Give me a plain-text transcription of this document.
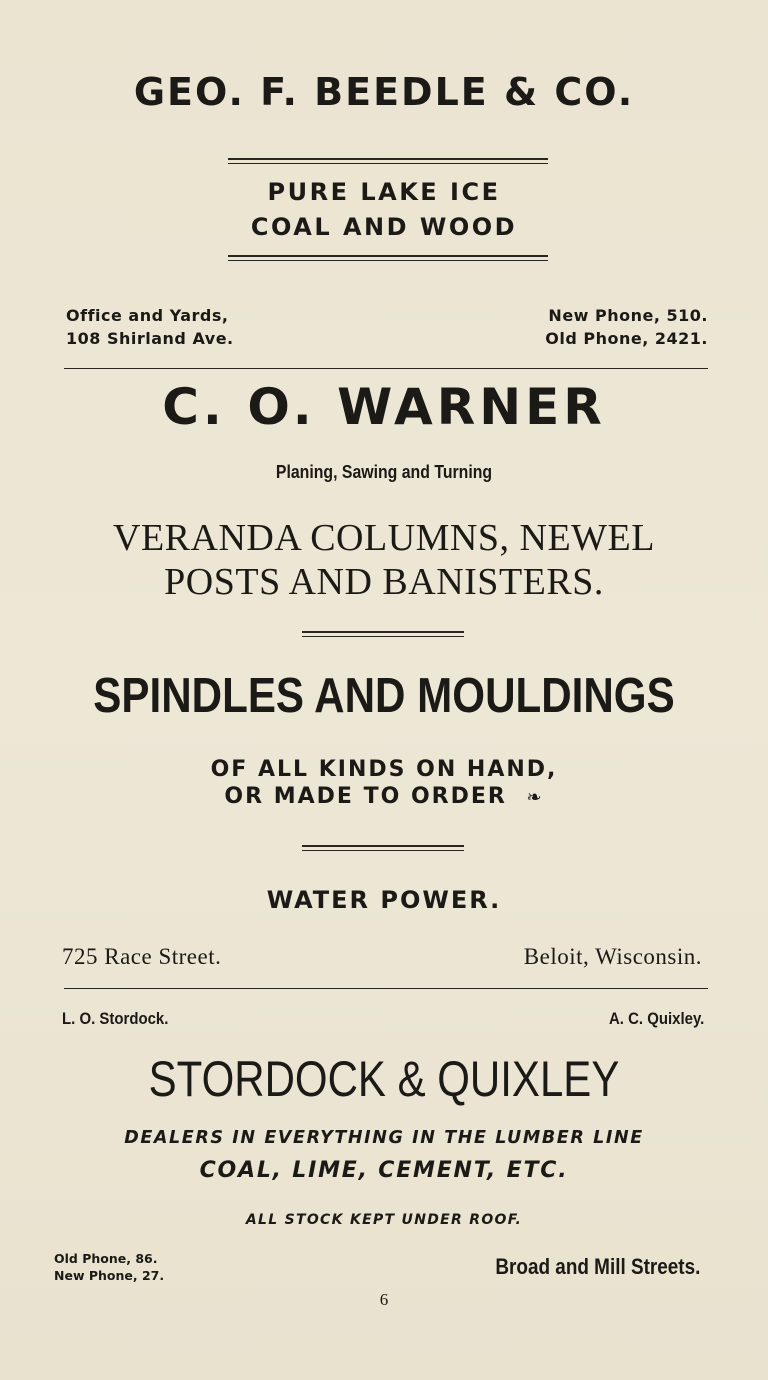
GEO. F. BEEDLE & CO.
PURE LAKE ICE
COAL AND WOOD
Office and Yards,
108 Shirland Ave.
New Phone, 510.
Old Phone, 2421.
C. O. WARNER
Planing, Sawing and Turning
VERANDA COLUMNS, NEWEL
POSTS AND BANISTERS.
SPINDLES AND MOULDINGS
OF ALL KINDS ON HAND,
OR MADE TO ORDER ❧
WATER POWER.
725 Race Street.	Beloit, Wisconsin.
L. O. Stordock.	A. C. Quixley.
STORDOCK & QUIXLEY
DEALERS IN EVERYTHING IN THE LUMBER LINE
COAL, LIME, CEMENT, ETC.
ALL STOCK KEPT UNDER ROOF.
Old Phone, 86.
New Phone, 27.	Broad and Mill Streets.
6
